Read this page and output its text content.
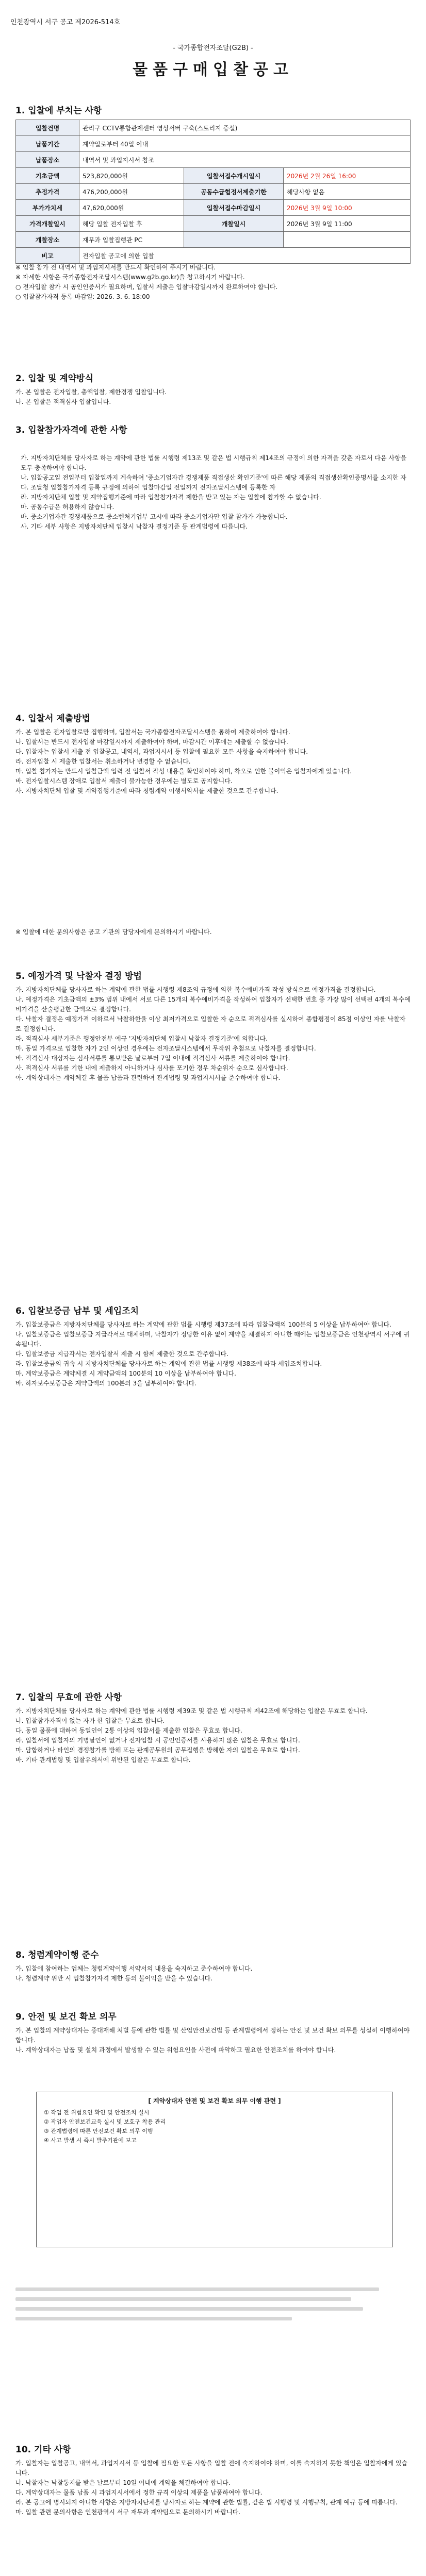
인천광역시 서구 공고 제2026-514호
- 국가종합전자조달(G2B) -
물품구매입찰공고
1. 입찰에 부치는 사항
입찰건명	관리구 CCTV통합관제센터 영상서버 구축(스토리지 증설)		
납품기간	계약일로부터 40일 이내		
납품장소	내역서 및 과업지시서 참조		
기초금액	523,820,000원	입찰서접수개시일시	2026년 2월 26일 16:00
추정가격	476,200,000원	공동수급협정서제출기한	해당사항 없음
부가가치세	47,620,000원	입찰서접수마감일시	2026년 3월 9일 10:00
가격개찰일시	해당 입찰 전자입찰 후	개찰일시	2026년 3월 9일 11:00
개찰장소	재무과 입찰집행관 PC		
비고	전자입찰 공고에 의한 입찰		
※ 입찰 참가 전 내역서 및 과업지시서를 반드시 확인하여 주시기 바랍니다.
※ 자세한 사항은 국가종합전자조달시스템(www.g2b.go.kr)을 참고하시기 바랍니다.
○ 전자입찰 참가 시 공인인증서가 필요하며, 입찰서 제출은 입찰마감일시까지 완료하여야 합니다.
○ 입찰참가자격 등록 마감일: 2026. 3. 6. 18:00
2. 입찰 및 계약방식
가. 본 입찰은 전자입찰, 총액입찰, 제한경쟁 입찰입니다.
나. 본 입찰은 적격심사 입찰입니다.
3. 입찰참가자격에 관한 사항
가. 지방자치단체를 당사자로 하는 계약에 관한 법률 시행령 제13조 및 같은 법 시행규칙 제14조의 규정에 의한 자격을 갖춘 자로서 다음 사항을 모두 충족하여야 합니다.
나. 입찰공고일 전일부터 입찰일까지 계속하여 '중소기업자간 경쟁제품 직접생산 확인기준'에 따른 해당 제품의 직접생산확인증명서를 소지한 자
다. 조달청 입찰참가자격 등록 규정에 의하여 입찰마감일 전일까지 전자조달시스템에 등록한 자
라. 지방자치단체 입찰 및 계약집행기준에 따라 입찰참가자격 제한을 받고 있는 자는 입찰에 참가할 수 없습니다.
마. 공동수급은 허용하지 않습니다.
바. 중소기업자간 경쟁제품으로 중소벤처기업부 고시에 따라 중소기업자만 입찰 참가가 가능합니다.
사. 기타 세부 사항은 지방자치단체 입찰시 낙찰자 결정기준 등 관계법령에 따릅니다.
4. 입찰서 제출방법
가. 본 입찰은 전자입찰로만 집행하며, 입찰서는 국가종합전자조달시스템을 통하여 제출하여야 합니다.
나. 입찰서는 반드시 전자입찰 마감일시까지 제출하여야 하며, 마감시간 이후에는 제출할 수 없습니다.
다. 입찰자는 입찰서 제출 전 입찰공고, 내역서, 과업지시서 등 입찰에 필요한 모든 사항을 숙지하여야 합니다.
라. 전자입찰 시 제출한 입찰서는 취소하거나 변경할 수 없습니다.
마. 입찰 참가자는 반드시 입찰금액 입력 전 입찰서 작성 내용을 확인하여야 하며, 착오로 인한 불이익은 입찰자에게 있습니다.
바. 전자입찰시스템 장애로 입찰서 제출이 불가능한 경우에는 별도로 공지합니다.
사. 지방자치단체 입찰 및 계약집행기준에 따라 청렴계약 이행서약서를 제출한 것으로 간주합니다.
※ 입찰에 대한 문의사항은 공고 기관의 담당자에게 문의하시기 바랍니다.
5. 예정가격 및 낙찰자 결정 방법
가. 지방자치단체를 당사자로 하는 계약에 관한 법률 시행령 제8조의 규정에 의한 복수예비가격 작성 방식으로 예정가격을 결정합니다.
나. 예정가격은 기초금액의 ±3% 범위 내에서 서로 다른 15개의 복수예비가격을 작성하여 입찰자가 선택한 번호 중 가장 많이 선택된 4개의 복수예비가격을 산술평균한 금액으로 결정합니다.
다. 낙찰자 결정은 예정가격 이하로서 낙찰하한율 이상 최저가격으로 입찰한 자 순으로 적격심사를 실시하여 종합평점이 85점 이상인 자를 낙찰자로 결정합니다.
라. 적격심사 세부기준은 행정안전부 예규 '지방자치단체 입찰시 낙찰자 결정기준'에 의합니다.
마. 동일 가격으로 입찰한 자가 2인 이상인 경우에는 전자조달시스템에서 무작위 추첨으로 낙찰자를 결정합니다.
바. 적격심사 대상자는 심사서류를 통보받은 날로부터 7일 이내에 적격심사 서류를 제출하여야 합니다.
사. 적격심사 서류를 기한 내에 제출하지 아니하거나 심사를 포기한 경우 차순위자 순으로 심사합니다.
아. 계약상대자는 계약체결 후 물품 납품과 관련하여 관계법령 및 과업지시서를 준수하여야 합니다.
6. 입찰보증금 납부 및 세입조치
가. 입찰보증금은 지방자치단체를 당사자로 하는 계약에 관한 법률 시행령 제37조에 따라 입찰금액의 100분의 5 이상을 납부하여야 합니다.
나. 입찰보증금은 입찰보증금 지급각서로 대체하며, 낙찰자가 정당한 이유 없이 계약을 체결하지 아니한 때에는 입찰보증금은 인천광역시 서구에 귀속됩니다.
다. 입찰보증금 지급각서는 전자입찰서 제출 시 함께 제출한 것으로 간주합니다.
라. 입찰보증금의 귀속 시 지방자치단체를 당사자로 하는 계약에 관한 법률 시행령 제38조에 따라 세입조치합니다.
마. 계약보증금은 계약체결 시 계약금액의 100분의 10 이상을 납부하여야 합니다.
바. 하자보수보증금은 계약금액의 100분의 3을 납부하여야 합니다.
7. 입찰의 무효에 관한 사항
가. 지방자치단체를 당사자로 하는 계약에 관한 법률 시행령 제39조 및 같은 법 시행규칙 제42조에 해당하는 입찰은 무효로 합니다.
나. 입찰참가자격이 없는 자가 한 입찰은 무효로 합니다.
다. 동일 물품에 대하여 동일인이 2통 이상의 입찰서를 제출한 입찰은 무효로 합니다.
라. 입찰서에 입찰자의 기명날인이 없거나 전자입찰 시 공인인증서를 사용하지 않은 입찰은 무효로 합니다.
마. 담합하거나 타인의 경쟁참가를 방해 또는 관계공무원의 공무집행을 방해한 자의 입찰은 무효로 합니다.
바. 기타 관계법령 및 입찰유의서에 위반된 입찰은 무효로 합니다.
8. 청렴계약이행 준수
가. 입찰에 참여하는 업체는 청렴계약이행 서약서의 내용을 숙지하고 준수하여야 합니다.
나. 청렴계약 위반 시 입찰참가자격 제한 등의 불이익을 받을 수 있습니다.
9. 안전 및 보건 확보 의무
가. 본 입찰의 계약상대자는 중대재해 처벌 등에 관한 법률 및 산업안전보건법 등 관계법령에서 정하는 안전 및 보건 확보 의무를 성실히 이행하여야 합니다.
나. 계약상대자는 납품 및 설치 과정에서 발생할 수 있는 위험요인을 사전에 파악하고 필요한 안전조치를 하여야 합니다.
[ 계약상대자 안전 및 보건 확보 의무 이행 관련 ]
① 작업 전 위험요인 확인 및 안전조치 실시
② 작업자 안전보건교육 실시 및 보호구 착용 관리
③ 관계법령에 따른 안전보건 확보 의무 이행
④ 사고 발생 시 즉시 발주기관에 보고
10. 기타 사항
가. 입찰자는 입찰공고, 내역서, 과업지시서 등 입찰에 필요한 모든 사항을 입찰 전에 숙지하여야 하며, 이를 숙지하지 못한 책임은 입찰자에게 있습니다.
나. 낙찰자는 낙찰통지를 받은 날로부터 10일 이내에 계약을 체결하여야 합니다.
다. 계약상대자는 물품 납품 시 과업지시서에서 정한 규격 이상의 제품을 납품하여야 합니다.
라. 본 공고에 명시되지 아니한 사항은 지방자치단체를 당사자로 하는 계약에 관한 법률, 같은 법 시행령 및 시행규칙, 관계 예규 등에 따릅니다.
마. 입찰 관련 문의사항은 인천광역시 서구 재무과 계약팀으로 문의하시기 바랍니다.
